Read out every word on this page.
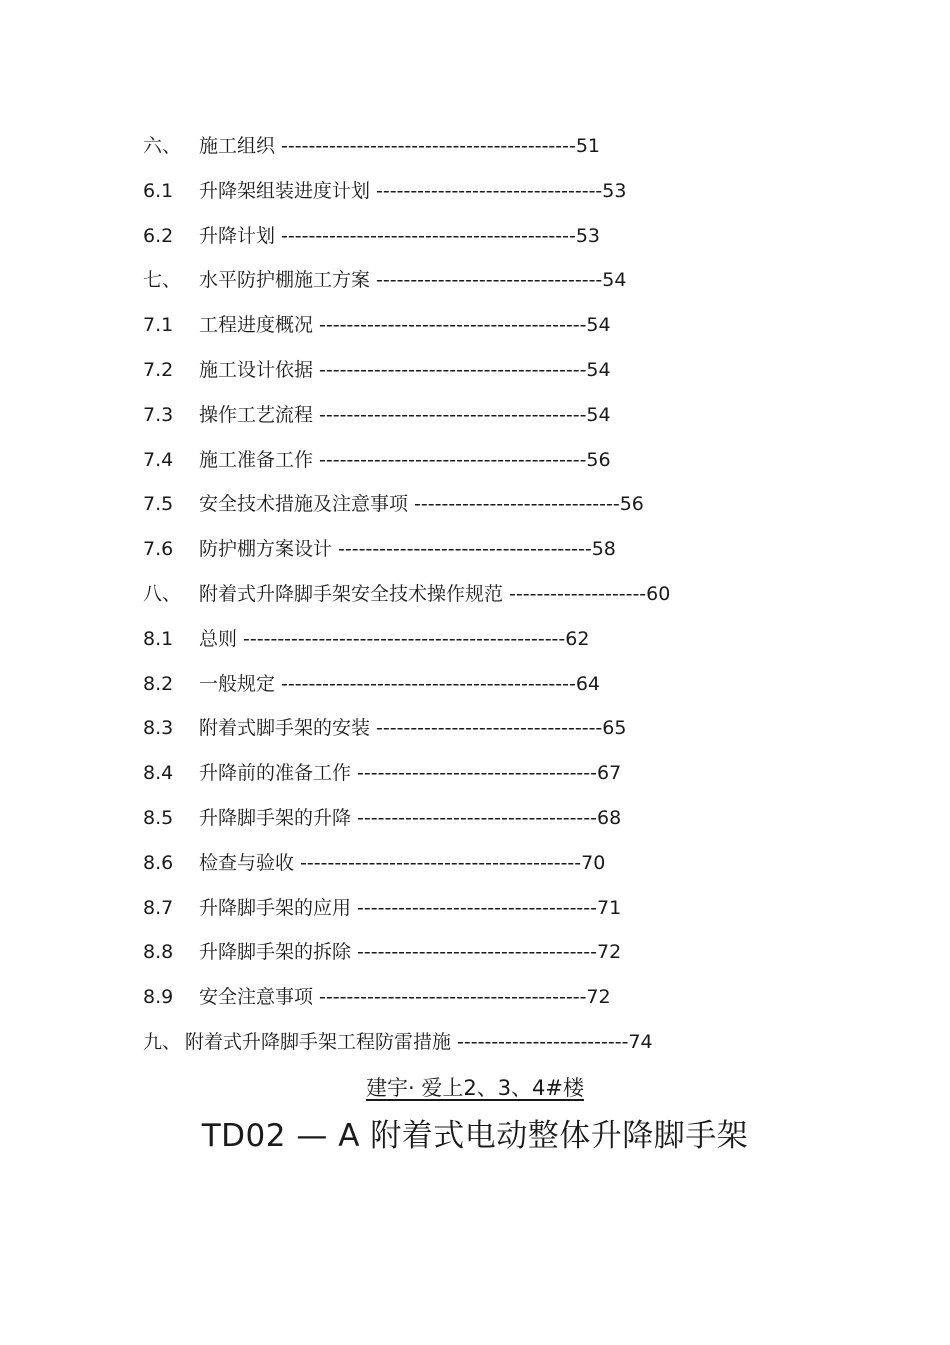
六、 施工组织 -------------------------------------------51
6.1 升降架组装进度计划 ---------------------------------53
6.2 升降计划 -------------------------------------------53
七、 水平防护棚施工方案 ---------------------------------54
7.1 工程进度概况 ---------------------------------------54
7.2 施工设计依据 ---------------------------------------54
7.3 操作工艺流程 ---------------------------------------54
7.4 施工准备工作 ---------------------------------------56
7.5 安全技术措施及注意事项 ------------------------------56
7.6 防护棚方案设计 -------------------------------------58
八、 附着式升降脚手架安全技术操作规范 --------------------60
8.1 总则 -----------------------------------------------62
8.2 一般规定 -------------------------------------------64
8.3 附着式脚手架的安装 ---------------------------------65
8.4 升降前的准备工作 -----------------------------------67
8.5 升降脚手架的升降 -----------------------------------68
8.6 检查与验收 -----------------------------------------70
8.7 升降脚手架的应用 -----------------------------------71
8.8 升降脚手架的拆除 -----------------------------------72
8.9 安全注意事项 ---------------------------------------72
九、 附着式升降脚手架工程防雷措施 -------------------------74
建宇· 爱上2、3、4#楼
TD02 — A 附着式电动整体升降脚手架
